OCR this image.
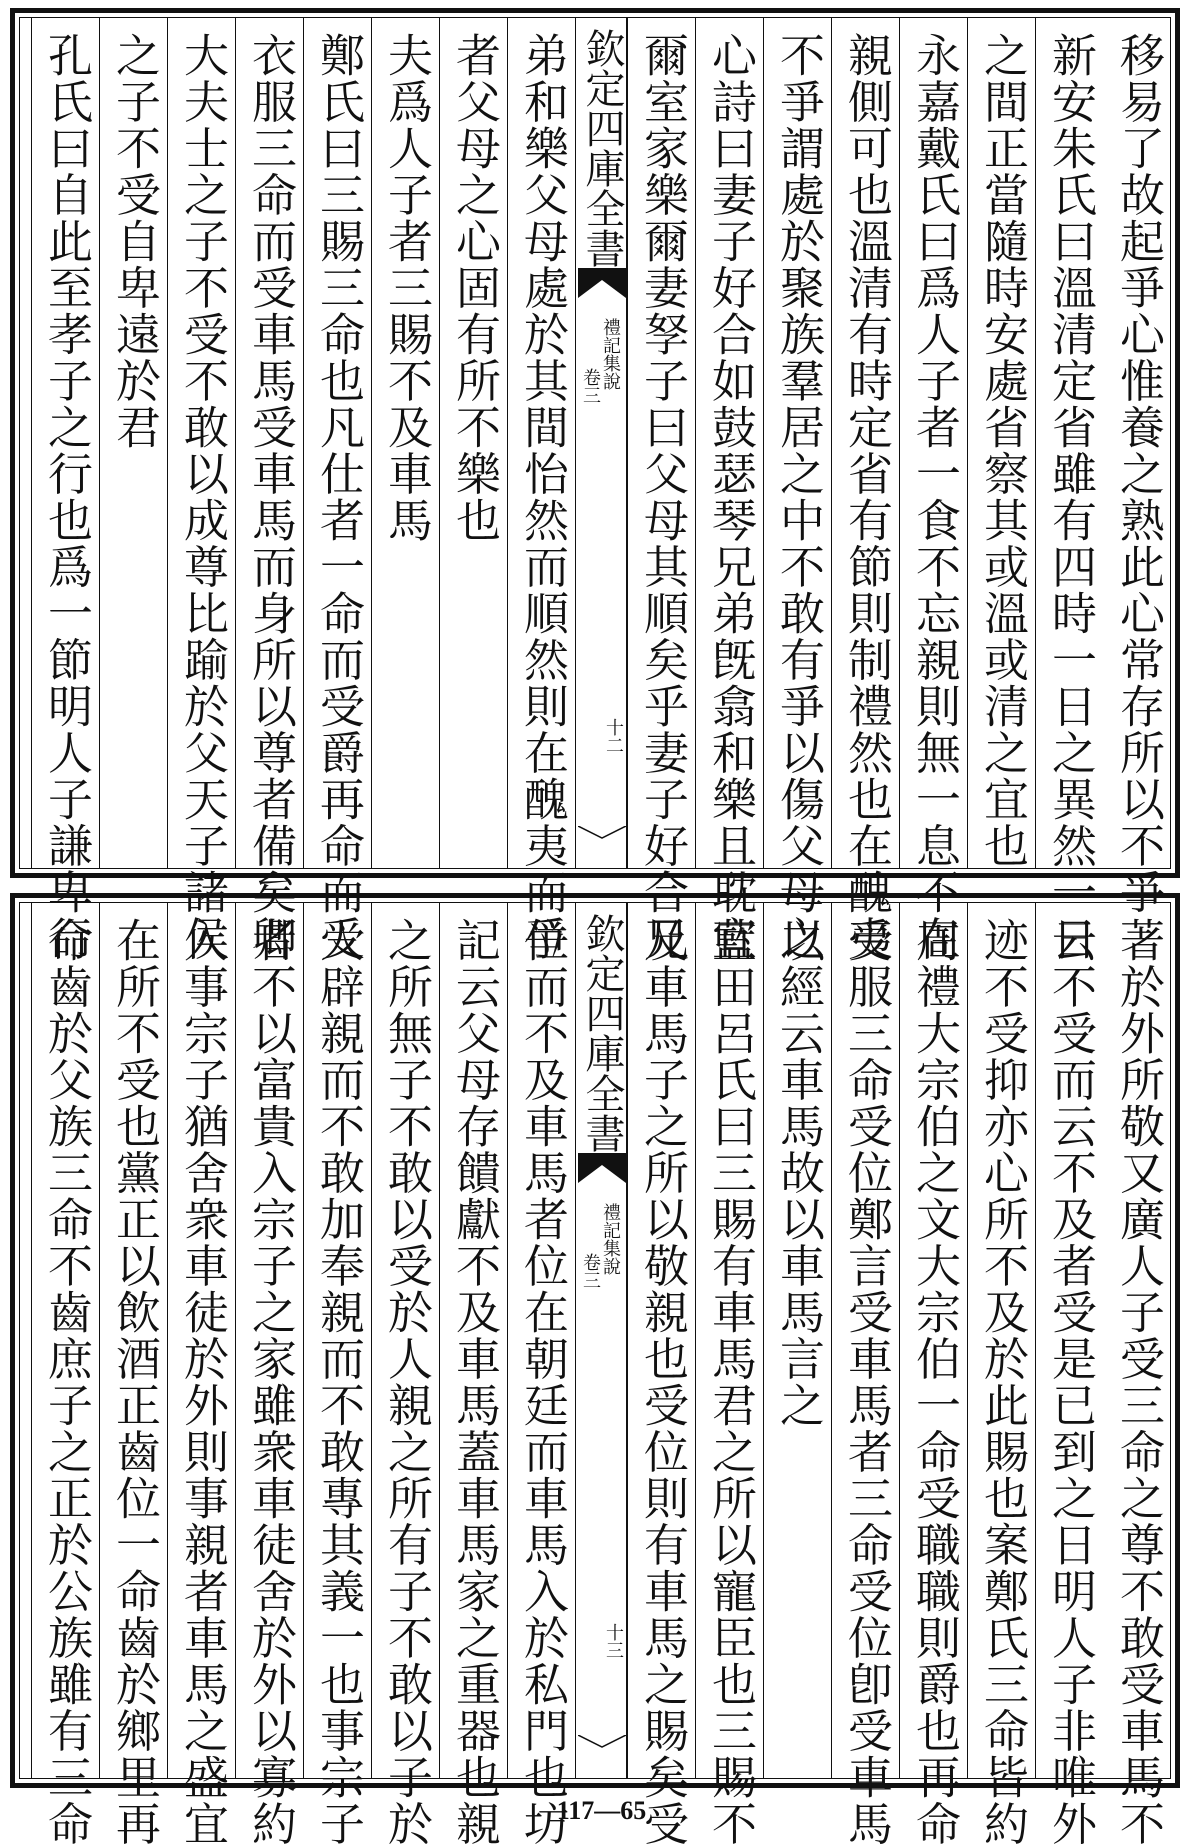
移易了故起爭心惟養之熟此心常存所以不爭
新安朱氏曰溫清定省雖有四時一日之異然一日
之間正當隨時安處省察其或溫或清之宜也
永嘉戴氏曰爲人子者一食不忘親則無一息不在
親側可也溫清有時定省有節則制禮然也在醜夷
不爭謂處於聚族羣居之中不敢有爭以傷父母之
心詩曰妻子好合如鼓瑟琴兄弟旣翕和樂且耽宜
爾室家樂爾妻孥子曰父母其順矣乎妻子好合兄
欽定四庫全書
禮記集說
卷三
十二
弟和樂父母處於其間怡然而順然則在醜夷而爭
者父母之心固有所不樂也
夫爲人子者三賜不及車馬
鄭氏曰三賜三命也凡仕者一命而受爵再命而受
衣服三命而受車馬受車馬而身所以尊者備矣卿
大夫士之子不受不敢以成尊比踰於父天子諸侯
之子不受自卑遠於君
孔氏曰自此至孝子之行也爲一節明人子謙卑行
著於外所敬又廣人子受三命之尊不敢受車馬不
云不受而云不及者受是已到之日明人子非唯外
迹不受抑亦心所不及於此賜也案鄭氏三命皆約
周禮大宗伯之文大宗伯一命受職職則爵也再命
受服三命受位鄭言受車馬者三命受位卽受車馬
以經云車馬故以車馬言之
藍田呂氏曰三賜有車馬君之所以寵臣也三賜不
及車馬子之所以敬親也受位則有車馬之賜矣受
欽定四庫全書
禮記集說
卷三
十三
位而不及車馬者位在朝廷而車馬入於私門也坊
記云父母存饋獻不及車馬蓋車馬家之重器也親
之所無子不敢以受於人親之所有子不敢以子於
人辟親而不敢加奉親而不敢專其義一也事宗子
者不以富貴入宗子之家雖衆車徒舍於外以寡約
入事宗子猶舍衆車徒於外則事親者車馬之盛宜
在所不受也黨正以飲酒正齒位一命齒於鄉里再
命齒於父族三命不齒庶子之正於公族雖有三命	117—65
